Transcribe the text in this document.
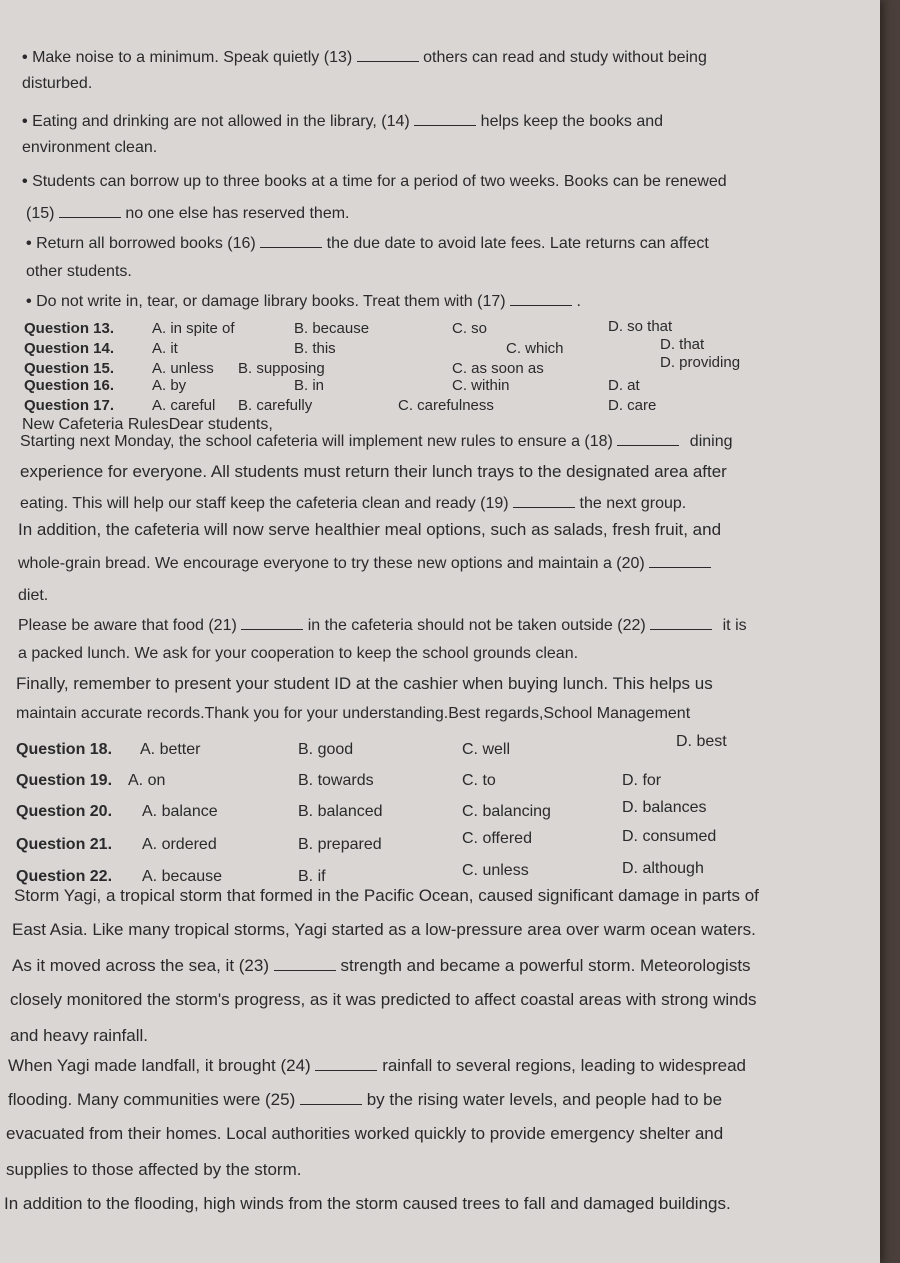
• Make noise to a minimum. Speak quietly (13)	others can read and study without being
disturbed.
• Eating and drinking are not allowed in the library, (14)	helps keep the books and
environment clean.
• Students can borrow up to three books at a time for a period of two weeks. Books can be renewed
(15)	no one else has reserved them.
• Return all borrowed books (16)	the due date to avoid late fees. Late returns can affect
other students.
• Do not write in, tear, or damage library books. Treat them with (17)	.
Question 13.	A. in spite of	B. because	C. so	D. so that
Question 14.	A. it	B. this	C. which	D. that
Question 15.	A. unless B. supposing	C. as soon as	D. providing
Question 16.	A. by	B. in	C. within	D. at
Question 17.	A. careful B. carefully	C. carefulness	D. care
New Cafeteria RulesDear students,
Starting next Monday, the school cafeteria will implement new rules to ensure a (18)	dining
experience for everyone. All students must return their lunch trays to the designated area after
eating. This will help our staff keep the cafeteria clean and ready (19)	the next group.
In addition, the cafeteria will now serve healthier meal options, such as salads, fresh fruit, and
whole-grain bread. We encourage everyone to try these new options and maintain a (20)
diet.
Please be aware that food (21)	in the cafeteria should not be taken outside (22)	it is
a packed lunch. We ask for your cooperation to keep the school grounds clean.
Finally, remember to present your student ID at the cashier when buying lunch. This helps us
maintain accurate records.Thank you for your understanding.Best regards,School Management
Question 18. A. better	B. good	C. well	D. best
Question 19. A. on	B. towards	C. to	D. for
Question 20. A. balance	B. balanced	C. balancing	D. balances
Question 21. A. ordered	B. prepared	C. offered	D. consumed
Question 22. A. because	B. if	C. unless	D. although
Storm Yagi, a tropical storm that formed in the Pacific Ocean, caused significant damage in parts of
East Asia. Like many tropical storms, Yagi started as a low-pressure area over warm ocean waters.
As it moved across the sea, it (23)	strength and became a powerful storm. Meteorologists
closely monitored the storm's progress, as it was predicted to affect coastal areas with strong winds
and heavy rainfall.
When Yagi made landfall, it brought (24)	rainfall to several regions, leading to widespread
flooding. Many communities were (25)	by the rising water levels, and people had to be
evacuated from their homes. Local authorities worked quickly to provide emergency shelter and
supplies to those affected by the storm.
In addition to the flooding, high winds from the storm caused trees to fall and damaged buildings.
